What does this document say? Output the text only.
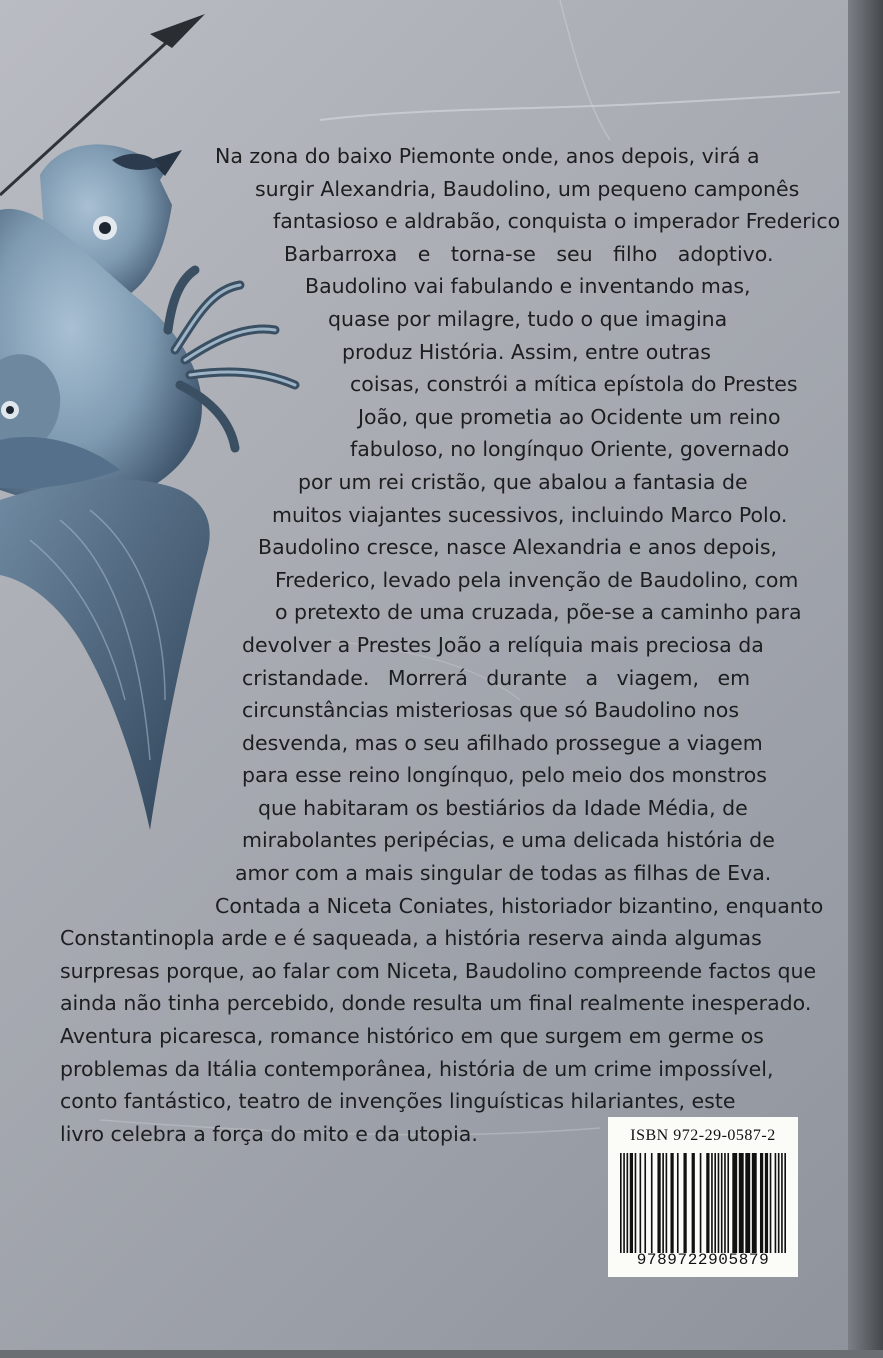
Na zona do baixo Piemonte onde, anos depois, virá a
surgir Alexandria, Baudolino, um pequeno camponês
fantasioso e aldrabão, conquista o imperador Frederico
Barbarroxa e torna-se seu filho adoptivo.
Baudolino vai fabulando e inventando mas,
quase por milagre, tudo o que imagina
produz História. Assim, entre outras
coisas, constrói a mítica epístola do Prestes
João, que prometia ao Ocidente um reino
fabuloso, no longínquo Oriente, governado
por um rei cristão, que abalou a fantasia de
muitos viajantes sucessivos, incluindo Marco Polo.
Baudolino cresce, nasce Alexandria e anos depois,
Frederico, levado pela invenção de Baudolino, com
o pretexto de uma cruzada, põe-se a caminho para
devolver a Prestes João a relíquia mais preciosa da
cristandade. Morrerá durante a viagem, em
circunstâncias misteriosas que só Baudolino nos
desvenda, mas o seu afilhado prossegue a viagem
para esse reino longínquo, pelo meio dos monstros
que habitaram os bestiários da Idade Média, de
mirabolantes peripécias, e uma delicada história de
amor com a mais singular de todas as filhas de Eva.
Contada a Niceta Coniates, historiador bizantino, enquanto
Constantinopla arde e é saqueada, a história reserva ainda algumas
surpresas porque, ao falar com Niceta, Baudolino compreende factos que
ainda não tinha percebido, donde resulta um final realmente inesperado.
Aventura picaresca, romance histórico em que surgem em germe os
problemas da Itália contemporânea, história de um crime impossível,
conto fantástico, teatro de invenções linguísticas hilariantes, este
livro celebra a força do mito e da utopia.	ISBN 972-29-0587-2
9789722905879
